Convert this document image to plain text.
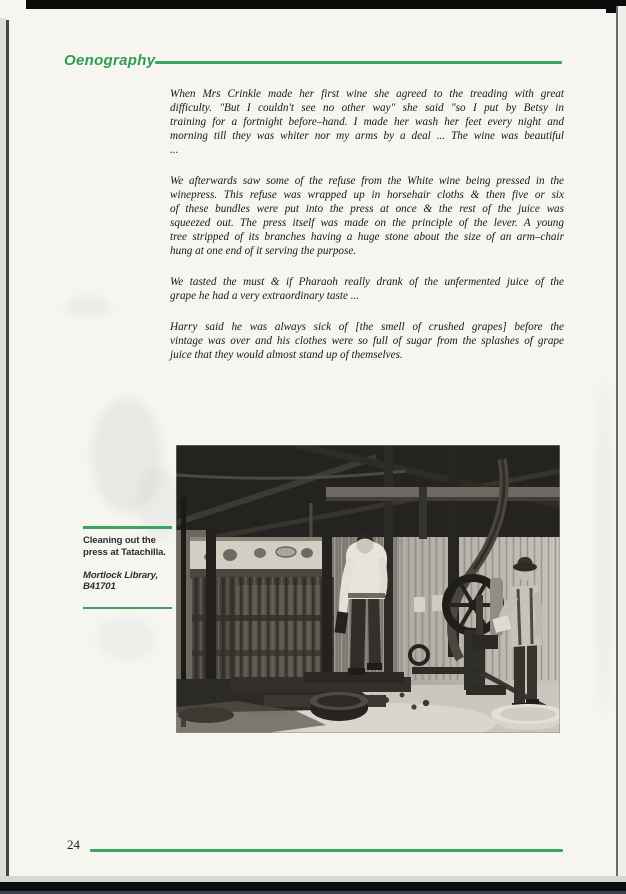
Oenography
When Mrs Crinkle made her first wine she agreed to the treading with great
difficulty. "But I couldn't see no other way" she said "so I put by Betsy in
training for a fortnight before–hand. I made her wash her feet every night and
morning till they was whiter nor my arms by a deal ... The wine was beautiful
...
We afterwards saw some of the refuse from the White wine being pressed in the
winepress. This refuse was wrapped up in horsehair cloths & then five or six
of these bundles were put into the press at once & the rest of the juice was
squeezed out. The press itself was made on the principle of the lever. A young
tree stripped of its branches having a huge stone about the size of an arm–chair
hung at one end of it serving the purpose.
We tasted the must & if Pharaoh really drank of the unfermented juice of the
grape he had a very extraordinary taste ...
Harry said he was always sick of [the smell of crushed grapes] before the
vintage was over and his clothes were so full of sugar from the splashes of grape
juice that they would almost stand up of themselves.
Cleaning out the press at Tatachilla.
Mortlock Library, B41701
24
